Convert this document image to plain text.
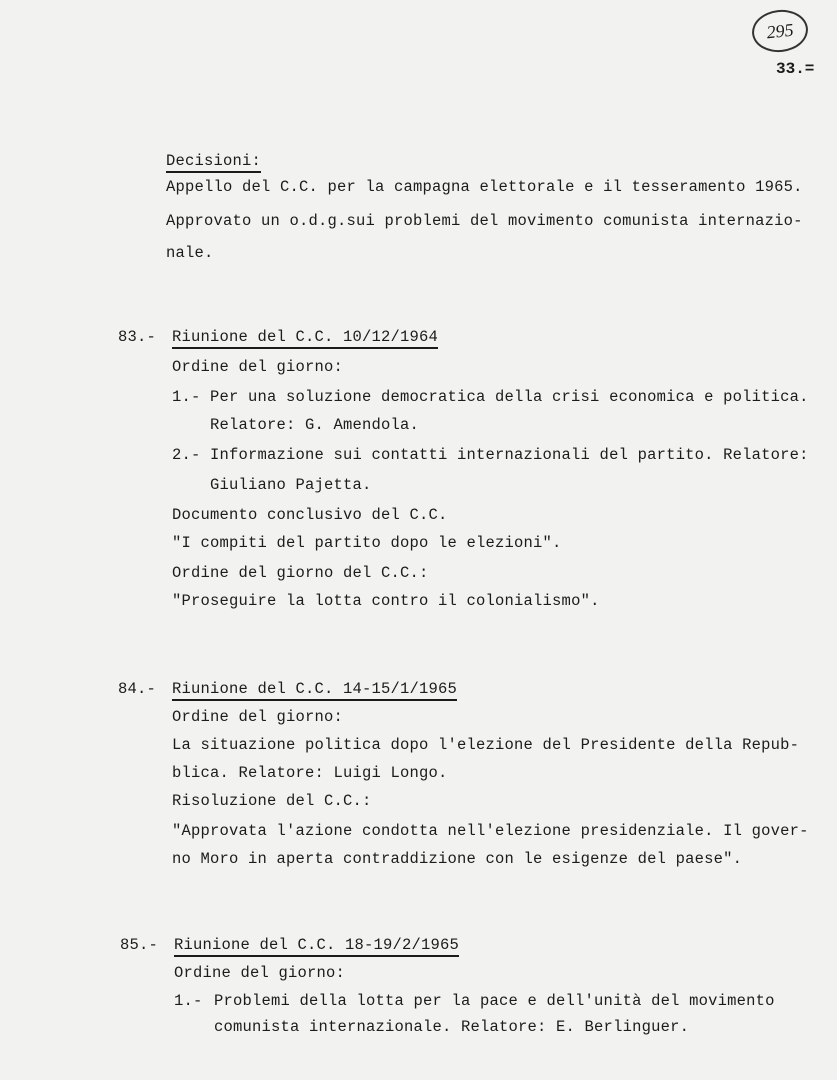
295
33.=
Decisioni:
Appello del C.C. per la campagna elettorale e il tesseramento 1965.
Approvato un o.d.g.sui problemi del movimento comunista internazio-
nale.
83.- Riunione del C.C. 10/12/1964
Ordine del giorno:
1.- Per una soluzione democratica della crisi economica e politica.
Relatore: G. Amendola.
2.- Informazione sui contatti internazionali del partito. Relatore:
Giuliano Pajetta.
Documento conclusivo del C.C.
"I compiti del partito dopo le elezioni".
Ordine del giorno del C.C.:
"Proseguire la lotta contro il colonialismo".
84.- Riunione del C.C. 14-15/1/1965
Ordine del giorno:
La situazione politica dopo l'elezione del Presidente della Repub-
blica. Relatore: Luigi Longo.
Risoluzione del C.C.:
"Approvata l'azione condotta nell'elezione presidenziale. Il gover-
no Moro in aperta contraddizione con le esigenze del paese".
85.- Riunione del C.C. 18-19/2/1965
Ordine del giorno:
1.- Problemi della lotta per la pace e dell'unità del movimento
comunista internazionale. Relatore: E. Berlinguer.
